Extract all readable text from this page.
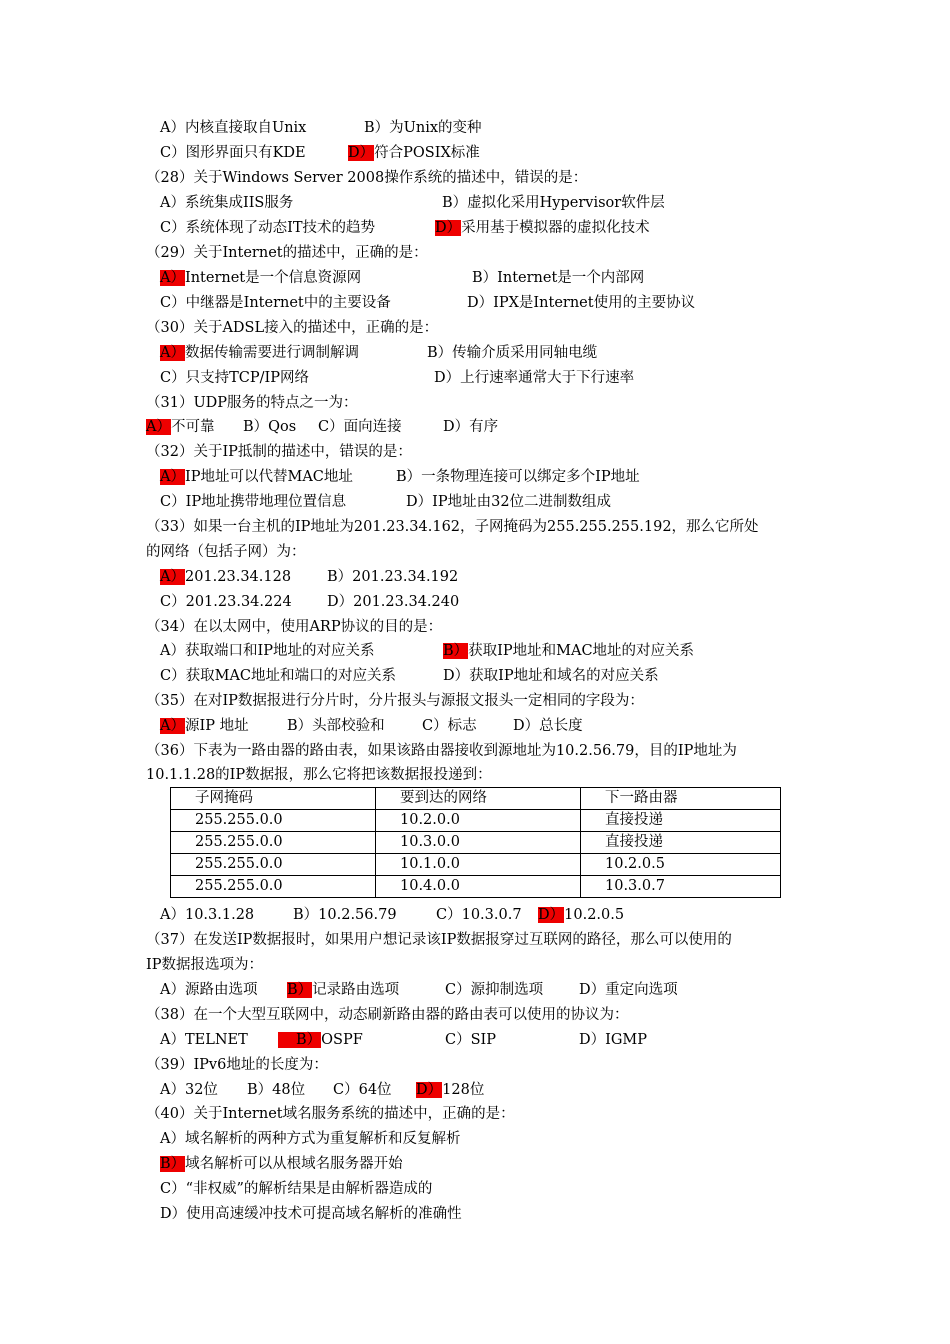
A）内核直接取自Unix	B）为Unix的变种
C）图形界面只有KDE	D）符合POSIX标准
（28）关于Windows Server 2008操作系统的描述中，错误的是：
A）系统集成IIS服务	B）虚拟化采用Hypervisor软件层
C）系统体现了动态IT技术的趋势	D）采用基于模拟器的虚拟化技术
（29）关于Internet的描述中，正确的是：
A）Internet是一个信息资源网	B）Internet是一个内部网
C）中继器是Internet中的主要设备	D）IPX是Internet使用的主要协议
（30）关于ADSL接入的描述中，正确的是：
A）数据传输需要进行调制解调	B）传输介质采用同轴电缆
C）只支持TCP/IP网络	D）上行速率通常大于下行速率
（31）UDP服务的特点之一为：
A）不可靠 B）Qos C）面向连接	D）有序
（32）关于IP抵制的描述中，错误的是：
A）IP地址可以代替MAC地址	B）一条物理连接可以绑定多个IP地址
C）IP地址携带地理位置信息	D）IP地址由32位二进制数组成
（33）如果一台主机的IP地址为201.23.34.162，子网掩码为255.255.255.192，那么它所处
的网络（包括子网）为：
A）201.23.34.128 B）201.23.34.192
C）201.23.34.224 D）201.23.34.240
（34）在以太网中，使用ARP协议的目的是：
A）获取端口和IP地址的对应关系	B）获取IP地址和MAC地址的对应关系
C）获取MAC地址和端口的对应关系	D）获取IP地址和域名的对应关系
（35）在对IP数据报进行分片时，分片报头与源报文报头一定相同的字段为：
A）源IP 地址	B）头部校验和	C）标志	D）总长度
（36）下表为一路由器的路由表，如果该路由器接收到源地址为10.2.56.79，目的IP地址为
10.1.1.28的IP数据报，那么它将把该数据报投递到：
子网掩码	要到达的网络	下一路由器
255.255.0.0	10.2.0.0	直接投递
255.255.0.0	10.3.0.0	直接投递
255.255.0.0	10.1.0.0	10.2.0.5
255.255.0.0	10.4.0.0	10.3.0.7
A）10.3.1.28	B）10.2.56.79	C）10.3.0.7 D）10.2.0.5
（37）在发送IP数据报时，如果用户想记录该IP数据报穿过互联网的路径，那么可以使用的
IP数据报选项为：
A）源路由选项 B）记录路由选项	C）源抑制选项 D）重定向选项
（38）在一个大型互联网中，动态刷新路由器的路由表可以使用的协议为：
A）TELNET	B）OSPF	C）SIP	D）IGMP
（39）IPv6地址的长度为：
A）32位 B）48位 C）64位 D）128位
（40）关于Internet域名服务系统的描述中，正确的是：
A）域名解析的两种方式为重复解析和反复解析
B）域名解析可以从根域名服务器开始
C）“非权威”的解析结果是由解析器造成的
D）使用高速缓冲技术可提高域名解析的准确性
